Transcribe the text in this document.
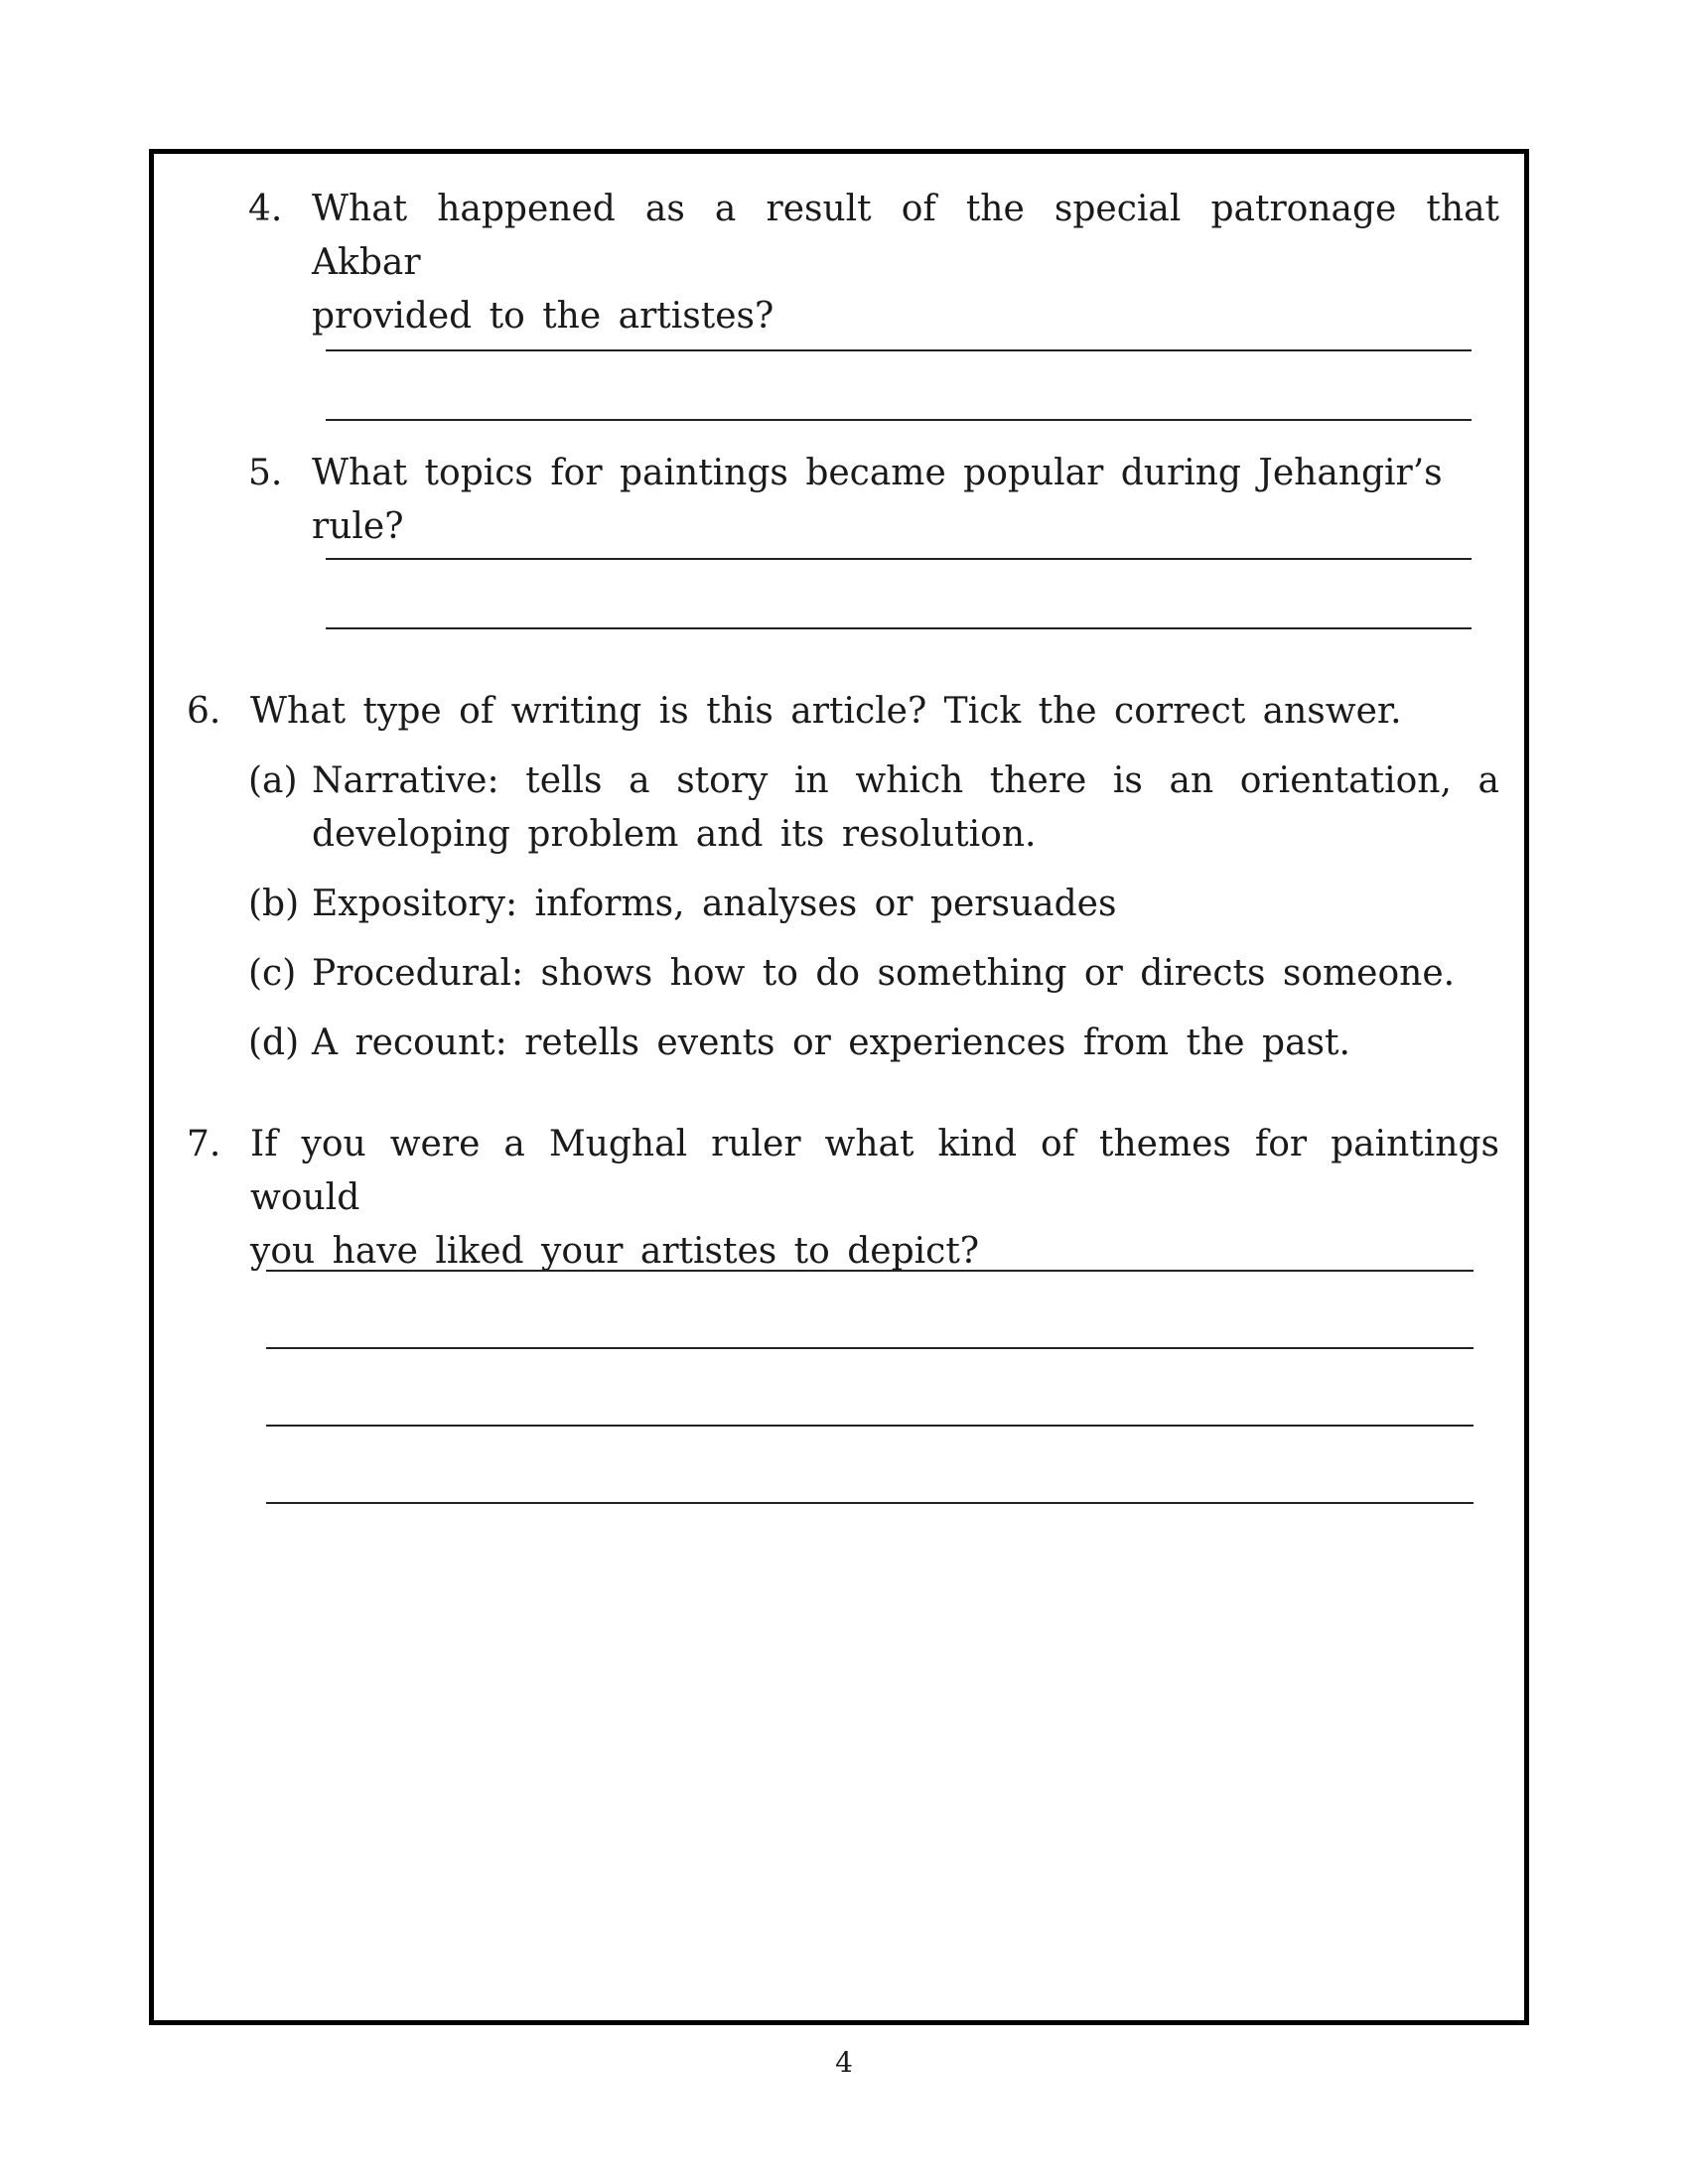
4. What happened as a result of the special patronage that Akbar
provided to the artistes?
5. What topics for paintings became popular during Jehangir’s rule?
6. What type of writing is this article? Tick the correct answer.
(a) Narrative: tells a story in which there is an orientation, a
developing problem and its resolution.
(b) Expository: informs, analyses or persuades
(c) Procedural: shows how to do something or directs someone.
(d) A recount: retells events or experiences from the past.
7. If you were a Mughal ruler what kind of themes for paintings would
you have liked your artistes to depict?
4
